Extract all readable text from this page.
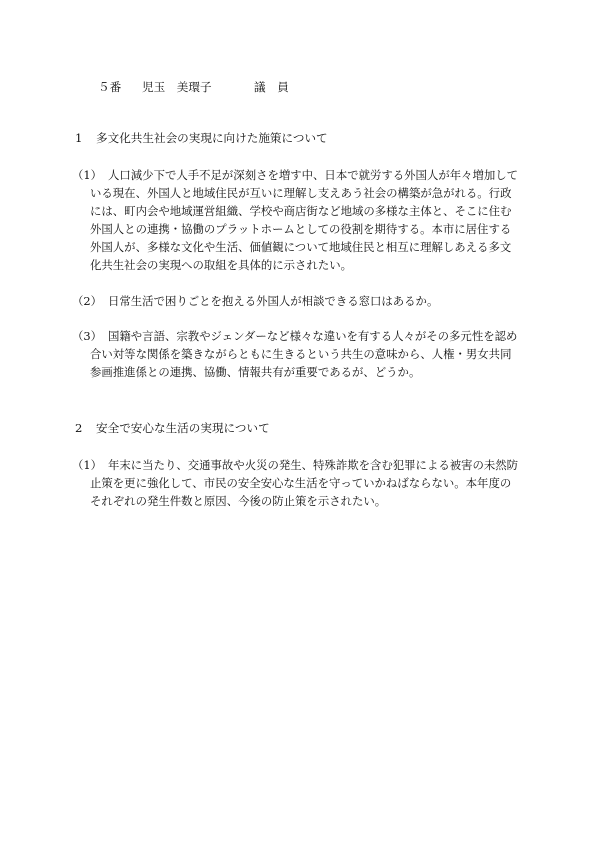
５番 児玉　美環子	議　員
1 多文化共生社会の実現に向けた施策について
（1） 人口減少下で人手不足が深刻さを増す中、日本で就労する外国人が年々増加して
いる現在、外国人と地域住民が互いに理解し支えあう社会の構築が急がれる。行政
には、町内会や地域運営組織、学校や商店街など地域の多様な主体と、そこに住む
外国人との連携・協働のプラットホームとしての役割を期待する。本市に居住する
外国人が、多様な文化や生活、価値観について地域住民と相互に理解しあえる多文
化共生社会の実現への取組を具体的に示されたい。
（2） 日常生活で困りごとを抱える外国人が相談できる窓口はあるか。
（3） 国籍や言語、宗教やジェンダーなど様々な違いを有する人々がその多元性を認め
合い対等な関係を築きながらともに生きるという共生の意味から、人権・男女共同
参画推進係との連携、協働、情報共有が重要であるが、どうか。
2 安全で安心な生活の実現について
（1） 年末に当たり、交通事故や火災の発生、特殊詐欺を含む犯罪による被害の未然防
止策を更に強化して、市民の安全安心な生活を守っていかねばならない。本年度の
それぞれの発生件数と原因、今後の防止策を示されたい。
